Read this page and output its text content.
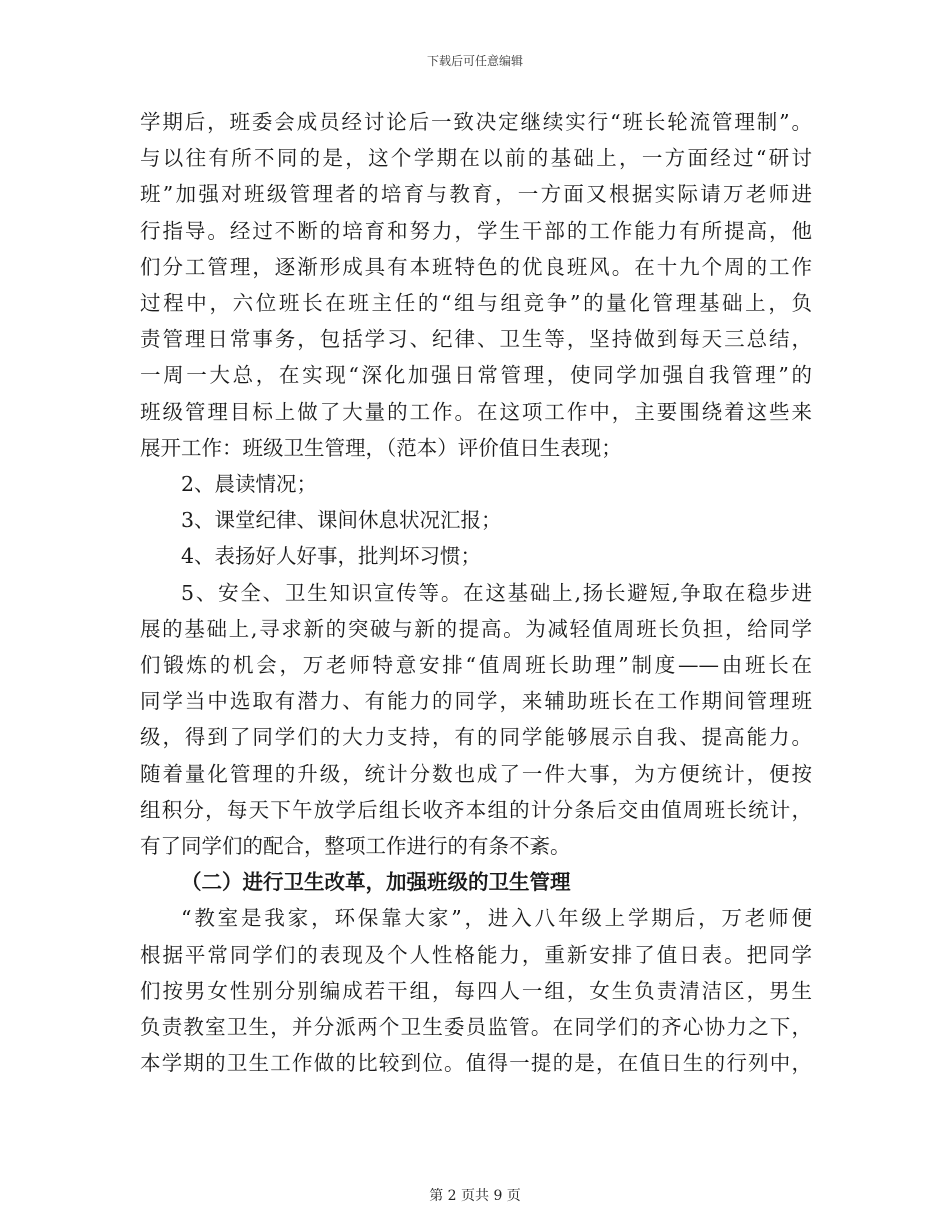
下载后可任意编辑
学期后，班委会成员经讨论后一致决定继续实行“班长轮流管理制”。
与以往有所不同的是，这个学期在以前的基础上，一方面经过“研讨
班”加强对班级管理者的培育与教育，一方面又根据实际请万老师进
行指导。经过不断的培育和努力，学生干部的工作能力有所提高，他
们分工管理，逐渐形成具有本班特色的优良班风。在十九个周的工作
过程中，六位班长在班主任的“组与组竞争”的量化管理基础上，负
责管理日常事务，包括学习、纪律、卫生等，坚持做到每天三总结，
一周一大总，在实现“深化加强日常管理，使同学加强自我管理”的
班级管理目标上做了大量的工作。在这项工作中，主要围绕着这些来
展开工作：班级卫生管理，（范本）评价值日生表现；
2、晨读情况；
3、课堂纪律、课间休息状况汇报；
4、表扬好人好事，批判坏习惯；
5、安全、卫生知识宣传等。在这基础上,扬长避短,争取在稳步进
展的基础上,寻求新的突破与新的提高。为减轻值周班长负担，给同学
们锻炼的机会，万老师特意安排“值周班长助理”制度——由班长在
同学当中选取有潜力、有能力的同学，来辅助班长在工作期间管理班
级，得到了同学们的大力支持，有的同学能够展示自我、提高能力。
随着量化管理的升级，统计分数也成了一件大事，为方便统计，便按
组积分，每天下午放学后组长收齐本组的计分条后交由值周班长统计，
有了同学们的配合，整项工作进行的有条不紊。
（二）进行卫生改革，加强班级的卫生管理
“教室是我家，环保靠大家”，进入八年级上学期后，万老师便
根据平常同学们的表现及个人性格能力，重新安排了值日表。把同学
们按男女性别分别编成若干组，每四人一组，女生负责清洁区，男生
负责教室卫生，并分派两个卫生委员监管。在同学们的齐心协力之下，
本学期的卫生工作做的比较到位。值得一提的是，在值日生的行列中，
第 2 页共 9 页
